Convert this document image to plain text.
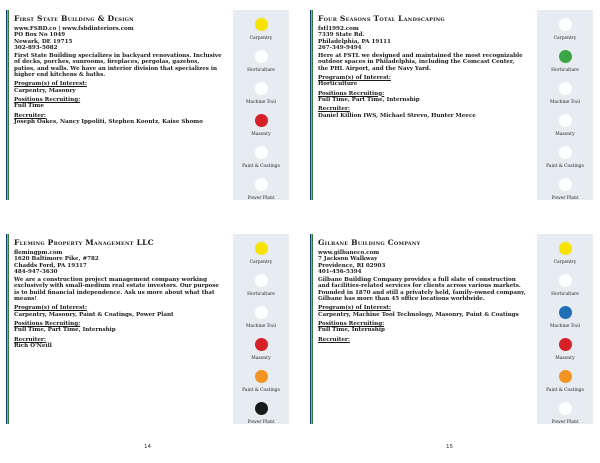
First State Building & Design
www.FSBD.co | www.fsbdinteriors.com
PO Box No 1049
Newark, DE 19715
302-893-5082
First State Building specializes in backyard renovations. Inclusive of decks, porches, sunrooms, fireplaces, pergolas, gazebos, patios, and walls. We have an interior division that specializes in higher end kitchens & baths.
Program(s) of Interest:
Carpentry, Masonry
Positions Recruiting:
Full Time
Recruiter:
Joseph Oakes, Nancy Ippoliti, Stephen Koontz, Kaise Shomo
Carpentry
Horticulture
Machine Tool
Masonry
Paint & Coatings
Power Plant
Four Seasons Total Landscaping
fstl1992.com
7339 State Rd.
Philadelphia, PA 19111
267-349-9494
Here at FSTL we designed and maintained the most recognizable outdoor spaces in Philadelphia, including the Comcast Center, the PHL Airport, and the Navy Yard.
Program(s) of Interest:
Horticulture
Positions Recruiting:
Full Time, Part Time, Internship
Recruiter:
Daniel Killion IWS, Michael Strevo, Hunter Meece
Carpentry
Horticulture
Machine Tool
Masonry
Paint & Coatings
Power Plant
Fleming Property Management LLC
flemingpm.com
1620 Baltimore Pike, #782
Chadds Ford, PA 19317
484-947-3630
We are a construction project management company working exclusively with small-medium real estate investors. Our purpose is to build financial independence. Ask us more about what that means!
Program(s) of Interest:
Carpentry, Masonry, Paint & Coatings, Power Plant
Positions Recruiting:
Full Time, Part Time, Internship
Recruiter:
Rich O'Neill
Carpentry
Horticulture
Machine Tool
Masonry
Paint & Coatings
Power Plant
Gilbane Building Company
www.gilbaneco.com
7 Jackson Walkway
Providence, RI 02903
401-456-5394
Gilbane Building Company provides a full slate of construction and facilities-related services for clients across various markets. Founded in 1870 and still a privately held, family-owned company, Gilbane has more than 45 office locations worldwide.
Program(s) of Interest:
Carpentry, Machine Tool Technology, Masonry, Paint & Coatings
Positions Recruiting:
Full Time, Internship
Recruiter:
Carpentry
Horticulture
Machine Tool
Masonry
Paint & Coatings
Power Plant
14	15
